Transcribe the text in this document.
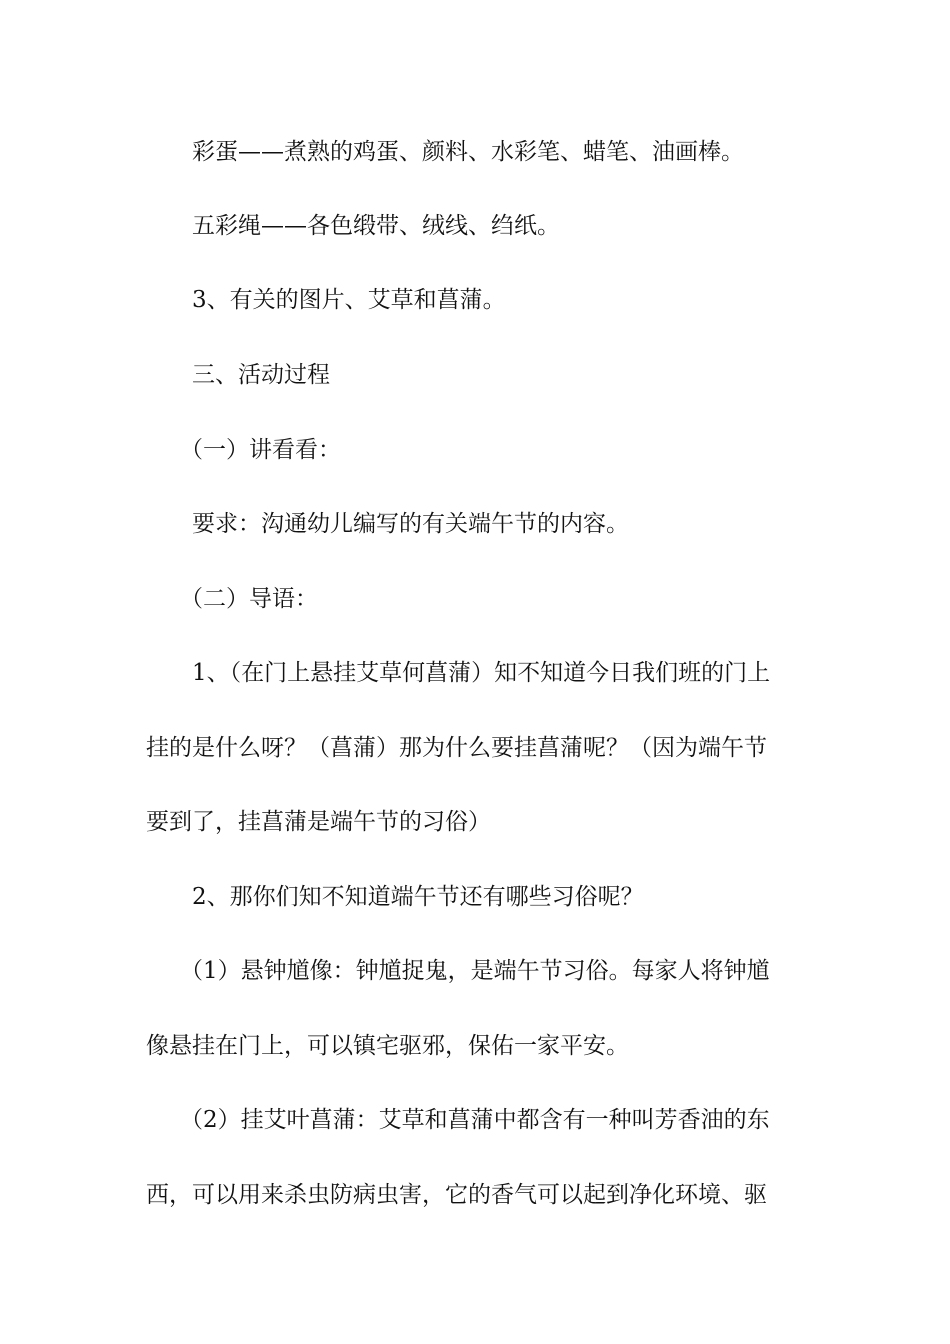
彩蛋——煮熟的鸡蛋、颜料、水彩笔、蜡笔、油画棒。
五彩绳——各色缎带、绒线、绉纸。
3、有关的图片、艾草和菖蒲。
三、活动过程
（一）讲看看：
要求：沟通幼儿编写的有关端午节的内容。
（二）导语：
1、（在门上悬挂艾草何菖蒲）知不知道今日我们班的门上
挂的是什么呀？（菖蒲）那为什么要挂菖蒲呢？（因为端午节
要到了，挂菖蒲是端午节的习俗）
2、那你们知不知道端午节还有哪些习俗呢？
（1）悬钟馗像：钟馗捉鬼，是端午节习俗。每家人将钟馗
像悬挂在门上，可以镇宅驱邪，保佑一家平安。
（2）挂艾叶菖蒲：艾草和菖蒲中都含有一种叫芳香油的东
西，可以用来杀虫防病虫害，它的香气可以起到净化环境、驱
